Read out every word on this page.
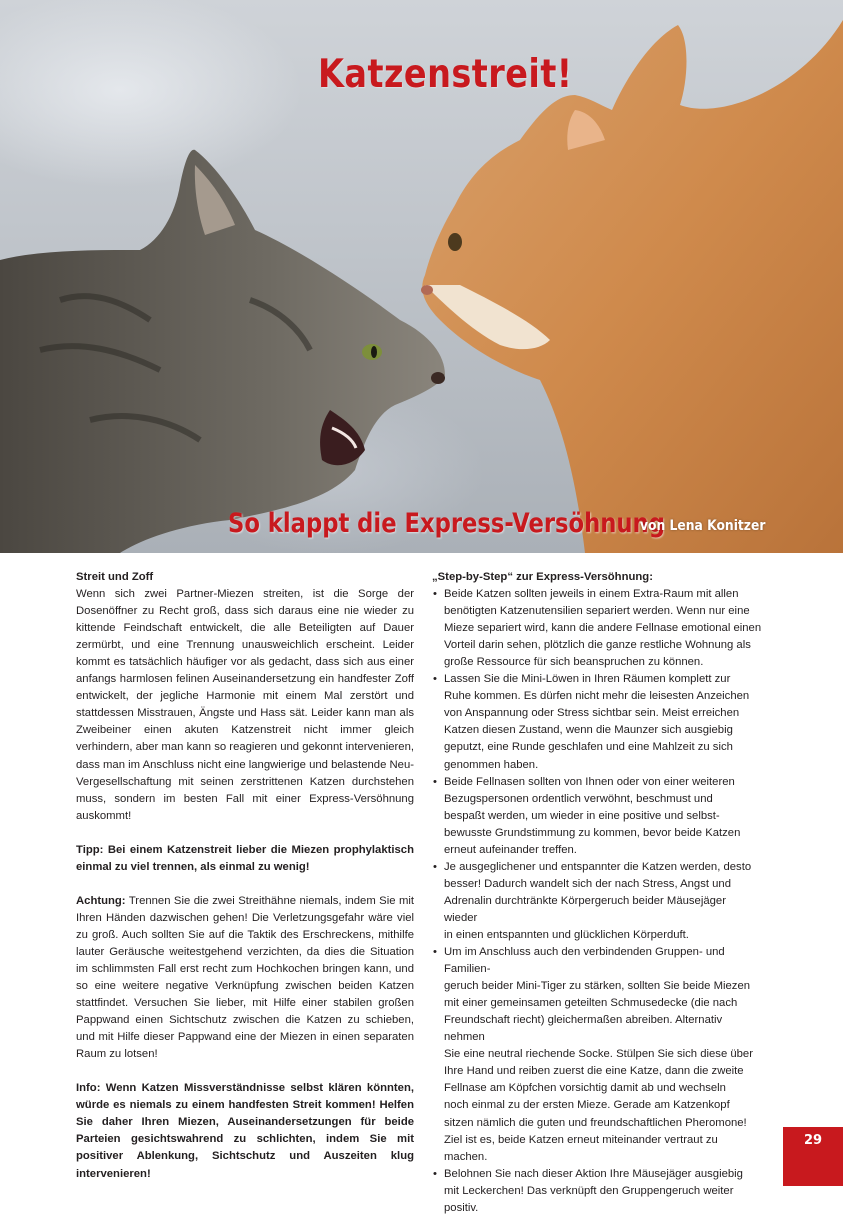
Katzenstreit!
So klappt die Express-Versöhnung
von Lena Konitzer

Streit und Zoff

Wenn sich zwei Partner-Miezen streiten, ist die Sorge der Dosenöffner zu Recht groß, dass sich daraus eine nie wieder zu kittende Feindschaft entwickelt, die alle Beteiligten auf Dauer zermürbt, und eine Trennung unausweichlich erscheint. Leider kommt es tatsächlich häufiger vor als gedacht, dass sich aus einer anfangs harmlosen felinen Auseinandersetzung ein handfester Zoff entwickelt, der jegliche Harmonie mit einem Mal zerstört und stattdessen Misstrauen, Ängste und Hass sät. Leider kann man als Zweibeiner einen akuten Katzenstreit nicht immer gleich verhindern, aber man kann so reagieren und gekonnt intervenieren, dass man im Anschluss nicht eine langwierige und belastende Neu-Vergesellschaftung mit seinen zerstrittenen Katzen durchstehen muss, sondern im besten Fall mit einer Express-Versöhnung auskommt!

Tipp: Bei einem Katzenstreit lieber die Miezen prophylaktisch einmal zu viel trennen, als einmal zu wenig!

Achtung: Trennen Sie die zwei Streithähne niemals, indem Sie mit Ihren Händen dazwischen gehen! Die Verletzungsgefahr wäre viel zu groß. Auch sollten Sie auf die Taktik des Erschreckens, mithilfe lauter Geräusche weitestgehend verzichten, da dies die Situation im schlimmsten Fall erst recht zum Hochkochen bringen kann, und so eine weitere negative Verknüpfung zwischen beiden Katzen stattfindet. Versuchen Sie lieber, mit Hilfe einer stabilen großen Pappwand einen Sichtschutz zwischen die Katzen zu schieben, und mit Hilfe dieser Pappwand eine der Miezen in einen separaten Raum zu lotsen!

Info: Wenn Katzen Missverständnisse selbst klären könnten, würde es niemals zu einem handfesten Streit kommen! Helfen Sie daher Ihren Miezen, Auseinandersetzungen für beide Parteien gesichtswahrend zu schlichten, indem Sie mit positiver Ablenkung, Sichtschutz und Auszeiten klug intervenieren!

„Step-by-Step“ zur Express-Versöhnung:

• Beide Katzen sollten jeweils in einem Extra-Raum mit allen
benötigten Katzenutensilien separiert werden. Wenn nur eine
Mieze separiert wird, kann die andere Fellnase emotional einen
Vorteil darin sehen, plötzlich die ganze restliche Wohnung als
große Ressource für sich beanspruchen zu können.
• Lassen Sie die Mini-Löwen in Ihren Räumen komplett zur
Ruhe kommen. Es dürfen nicht mehr die leisesten Anzeichen
von Anspannung oder Stress sichtbar sein. Meist erreichen
Katzen diesen Zustand, wenn die Maunzer sich ausgiebig
geputzt, eine Runde geschlafen und eine Mahlzeit zu sich
genommen haben.
• Beide Fellnasen sollten von Ihnen oder von einer weiteren
Bezugspersonen ordentlich verwöhnt, beschmust und
bespaßt werden, um wieder in eine positive und selbst-
bewusste Grundstimmung zu kommen, bevor beide Katzen
erneut aufeinander treffen.
• Je ausgeglichener und entspannter die Katzen werden, desto
besser! Dadurch wandelt sich der nach Stress, Angst und
Adrenalin durchtränkte Körpergeruch beider Mäusejäger wieder
in einen entspannten und glücklichen Körperduft.
• Um im Anschluss auch den verbindenden Gruppen- und Familien-
geruch beider Mini-Tiger zu stärken, sollten Sie beide Miezen
mit einer gemeinsamen geteilten Schmusedecke (die nach
Freundschaft riecht) gleichermaßen abreiben. Alternativ nehmen
Sie eine neutral riechende Socke. Stülpen Sie sich diese über
Ihre Hand und reiben zuerst die eine Katze, dann die zweite
Fellnase am Köpfchen vorsichtig damit ab und wechseln
noch einmal zu der ersten Mieze. Gerade am Katzenkopf
sitzen nämlich die guten und freundschaftlichen Pheromone!
Ziel ist es, beide Katzen erneut miteinander vertraut zu machen.
• Belohnen Sie nach dieser Aktion Ihre Mäusejäger ausgiebig
mit Leckerchen! Das verknüpft den Gruppengeruch weiter positiv.
29
